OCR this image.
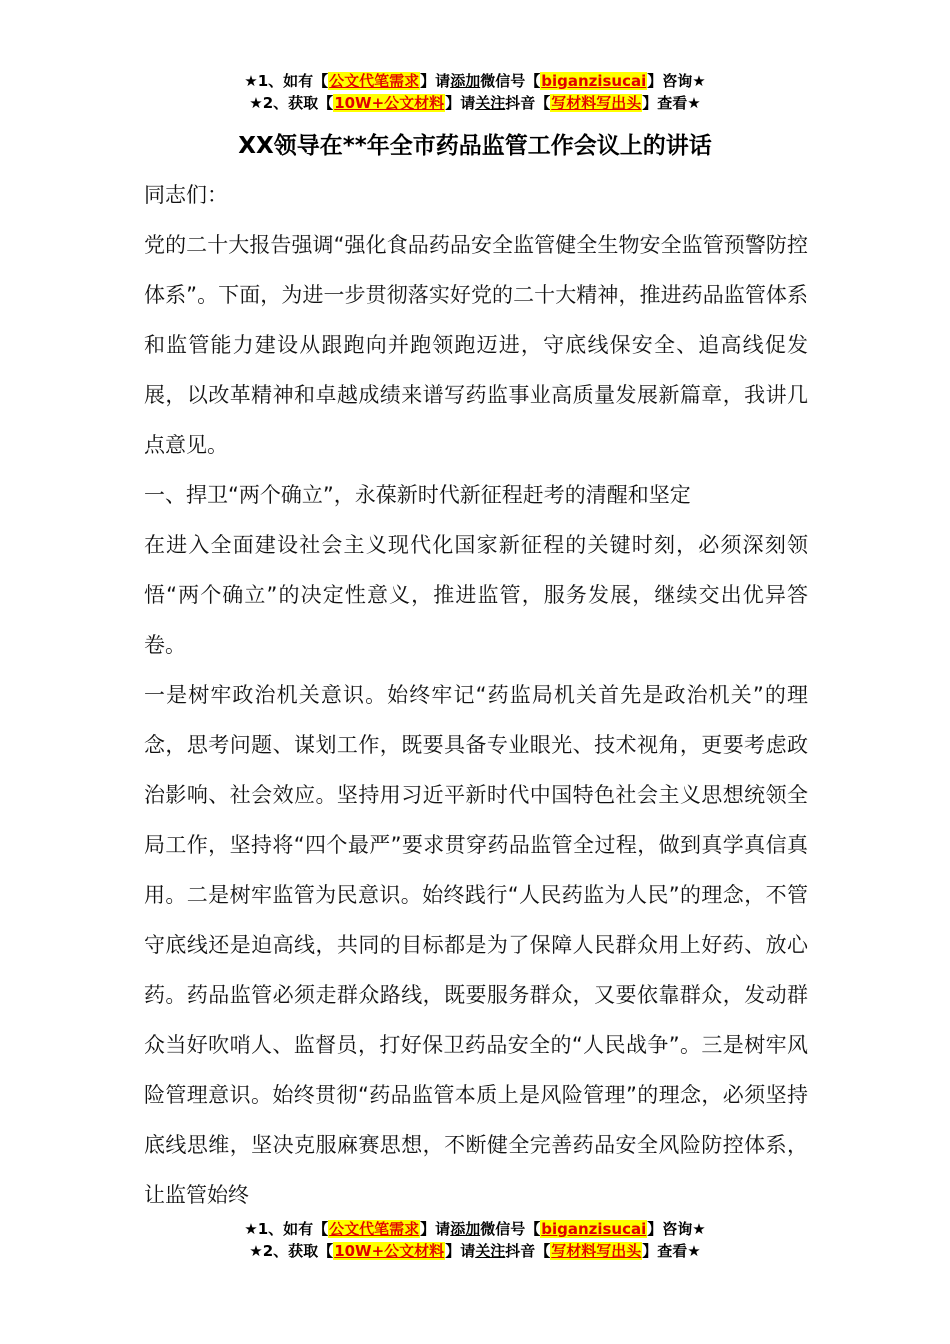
★1、如有【公文代笔需求】请添加微信号【biganzisucai】咨询★
★2、获取【10W+公文材料】请关注抖音【写材料写出头】查看★
XX领导在**年全市药品监管工作会议上的讲话

同志们：

党的二十大报告强调“强化食品药品安全监管健全生物安全监管预警防控体系”。下面，为进一步贯彻落实好党的二十大精神，推进药品监管体系和监管能力建设从跟跑向并跑领跑迈进，守底线保安全、追高线促发展，以改革精神和卓越成绩来谱写药监事业高质量发展新篇章，我讲几点意见。

一、捍卫“两个确立”，永葆新时代新征程赶考的清醒和坚定

在进入全面建设社会主义现代化国家新征程的关键时刻，必须深刻领悟“两个确立”的决定性意义，推进监管，服务发展，继续交出优异答卷。

一是树牢政治机关意识。始终牢记“药监局机关首先是政治机关”的理念，思考问题、谋划工作，既要具备专业眼光、技术视角，更要考虑政治影响、社会效应。坚持用习近平新时代中国特色社会主义思想统领全局工作，坚持将“四个最严”要求贯穿药品监管全过程，做到真学真信真用。二是树牢监管为民意识。始终践行“人民药监为人民”的理念，不管守底线还是迫高线，共同的目标都是为了保障人民群众用上好药、放心药。药品监管必须走群众路线，既要服务群众，又要依靠群众，发动群众当好吹哨人、监督员，打好保卫药品安全的“人民战争”。三是树牢风险管理意识。始终贯彻“药品监管本质上是风险管理”的理念，必须坚持底线思维，坚决克服麻赛思想，不断健全完善药品安全风险防控体系，让监管始终

★1、如有【公文代笔需求】请添加微信号【biganzisucai】咨询★
★2、获取【10W+公文材料】请关注抖音【写材料写出头】查看★
